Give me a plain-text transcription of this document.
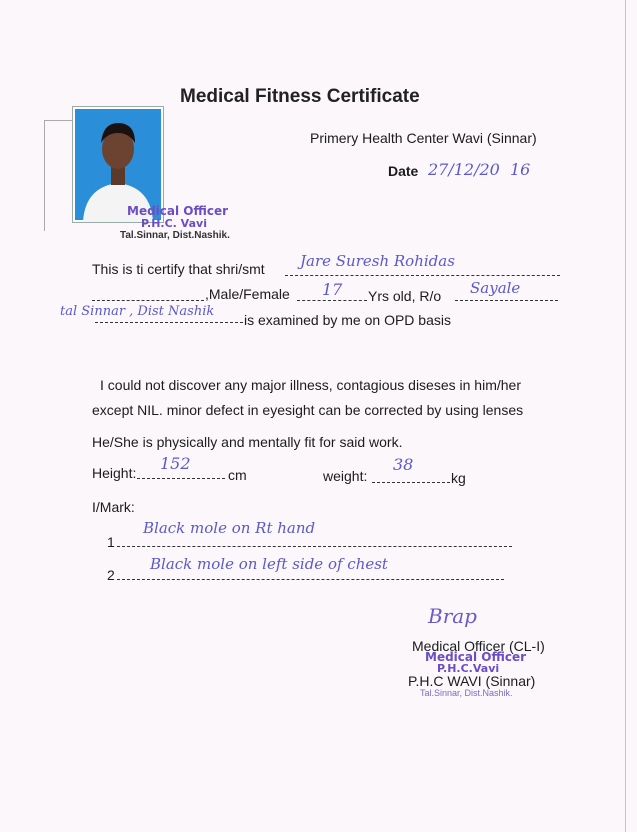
Medical Fitness Certificate
Medical Officer
P.H.C. Vavi
Tal.Sinnar, Dist.Nashik.
Primery Health Center Wavi (Sinnar)
Date 27/12/20 16
This is ti certify that shri/smt Jare Suresh Rohidas
,Male/Female 17 Yrs old, R/o Sayale
tal Sinnar , Dist Nashik
is examined by me on OPD basis
I could not discover any major illness, contagious diseses in him/her
except NIL. minor defect in eyesight can be corrected by using lenses
He/She is physically and mentally fit for said work.
Height: 152
cm	weight:
38
kg
I/Mark:
1
Black mole on Rt hand
2
Black mole on left side of chest
Brap
Medical Officer (CL-I)
Medical Officer
P.H.C.Vavi
P.H.C WAVI (Sinnar)
Tal.Sinnar, Dist.Nashik.
